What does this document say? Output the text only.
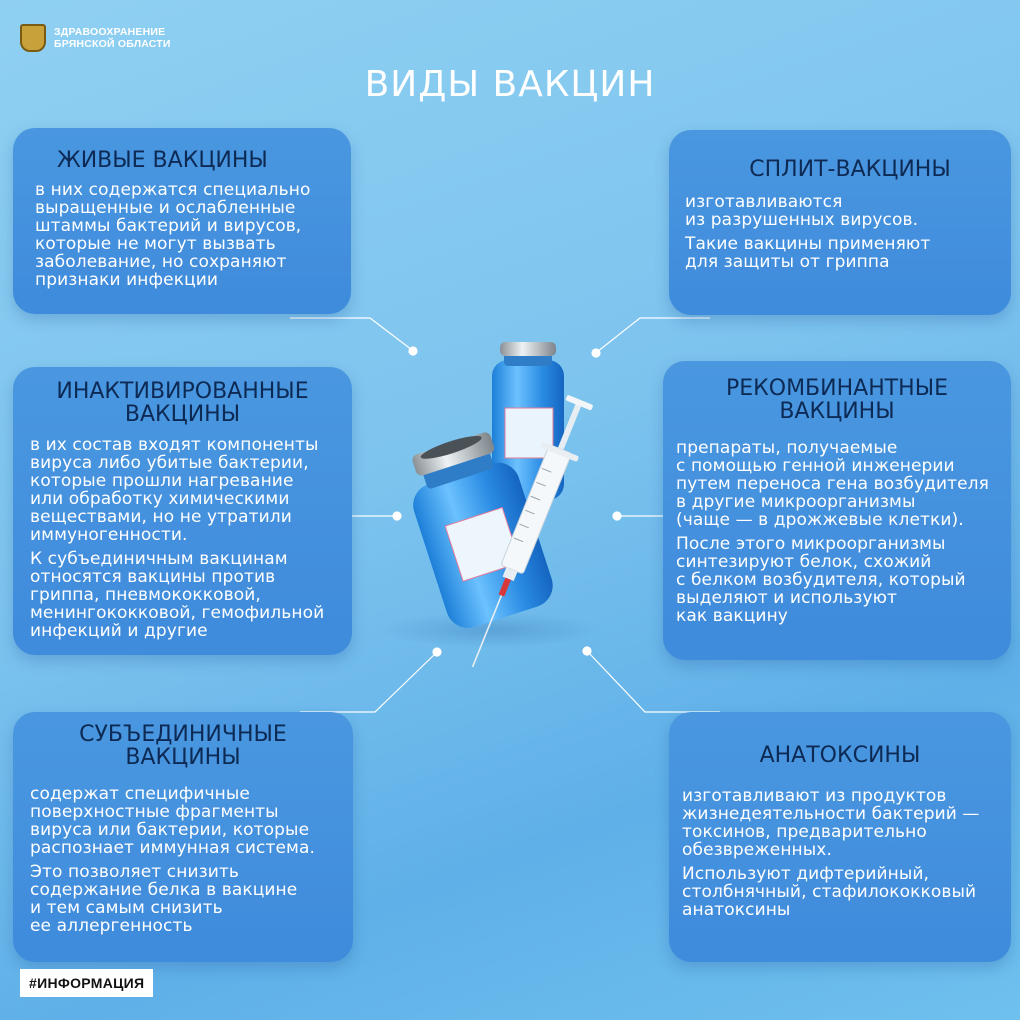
ЗДРАВООХРАНЕНИЕ
БРЯНСКОЙ ОБЛАСТИ
ВИДЫ ВАКЦИН
ЖИВЫЕ ВАКЦИНЫ

в них содержатся специально
выращенные и ослабленные
штаммы бактерий и вирусов,
которые не могут вызвать
заболевание, но сохраняют
признаки инфекции

СПЛИТ-ВАКЦИНЫ

изготавливаются
из разрушенных вирусов.

Такие вакцины применяют
для защиты от гриппа

ИНАКТИВИРОВАННЫЕ
ВАКЦИНЫ

в их состав входят компоненты
вируса либо убитые бактерии,
которые прошли нагревание
или обработку химическими
веществами, но не утратили
иммуногенности.

К субъединичным вакцинам
относятся вакцины против
гриппа, пневмококковой,
менингококковой, гемофильной
инфекций и другие

РЕКОМБИНАНТНЫЕ
ВАКЦИНЫ

препараты, получаемые
с помощью генной инженерии
путем переноса гена возбудителя
в другие микроорганизмы
(чаще — в дрожжевые клетки).

После этого микроорганизмы
синтезируют белок, схожий
с белком возбудителя, который
выделяют и используют
как вакцину

СУБЪЕДИНИЧНЫЕ
ВАКЦИНЫ

содержат специфичные
поверхностные фрагменты
вируса или бактерии, которые
распознает иммунная система.

Это позволяет снизить
содержание белка в вакцине
и тем самым снизить
ее аллергенность

АНАТОКСИНЫ

изготавливают из продуктов
жизнедеятельности бактерий —
токсинов, предварительно
обезвреженных.

Используют дифтерийный,
столбнячный, стафилококковый
анатоксины

#ИНФОРМАЦИЯ
